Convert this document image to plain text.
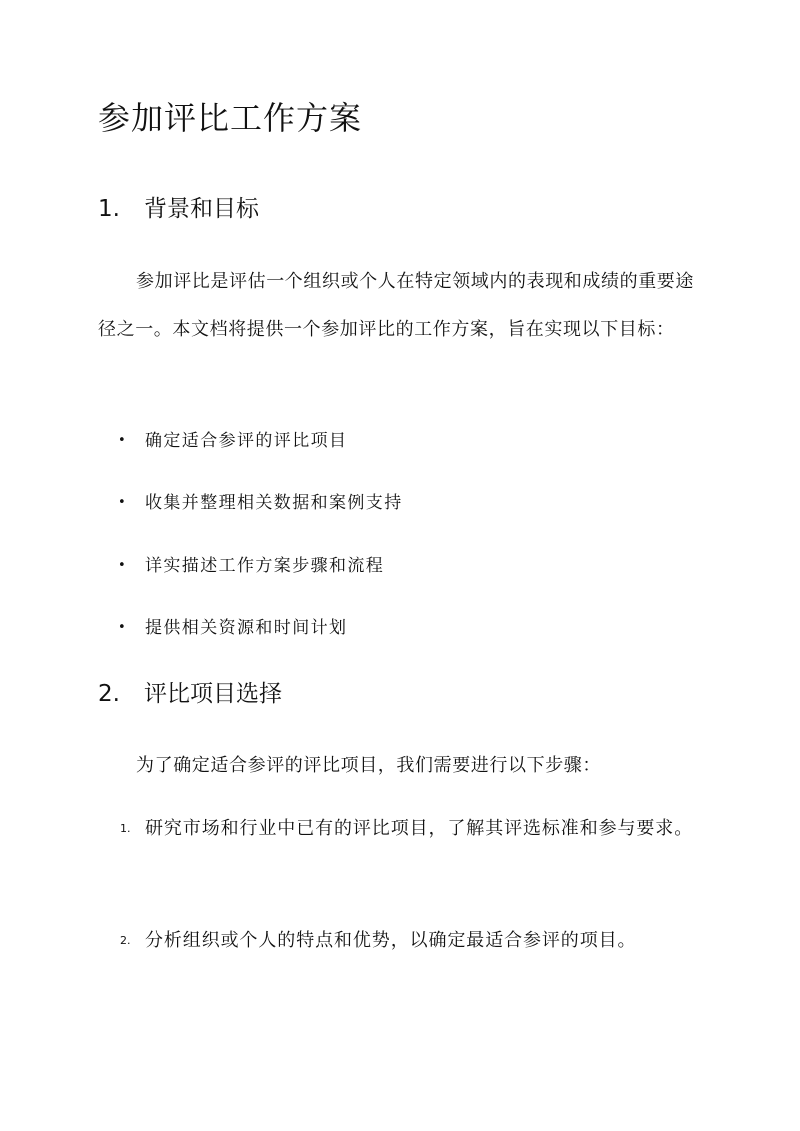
参加评比工作方案
1. 背景和目标

参加评比是评估一个组织或个人在特定领域内的表现和成绩的重要途径之一。本文档将提供一个参加评比的工作方案，旨在实现以下目标：

• 确定适合参评的评比项目
• 收集并整理相关数据和案例支持
• 详实描述工作方案步骤和流程
• 提供相关资源和时间计划
2. 评比项目选择

为了确定适合参评的评比项目，我们需要进行以下步骤：

1. 研究市场和行业中已有的评比项目，了解其评选标准和参与要求。
2. 分析组织或个人的特点和优势，以确定最适合参评的项目。
